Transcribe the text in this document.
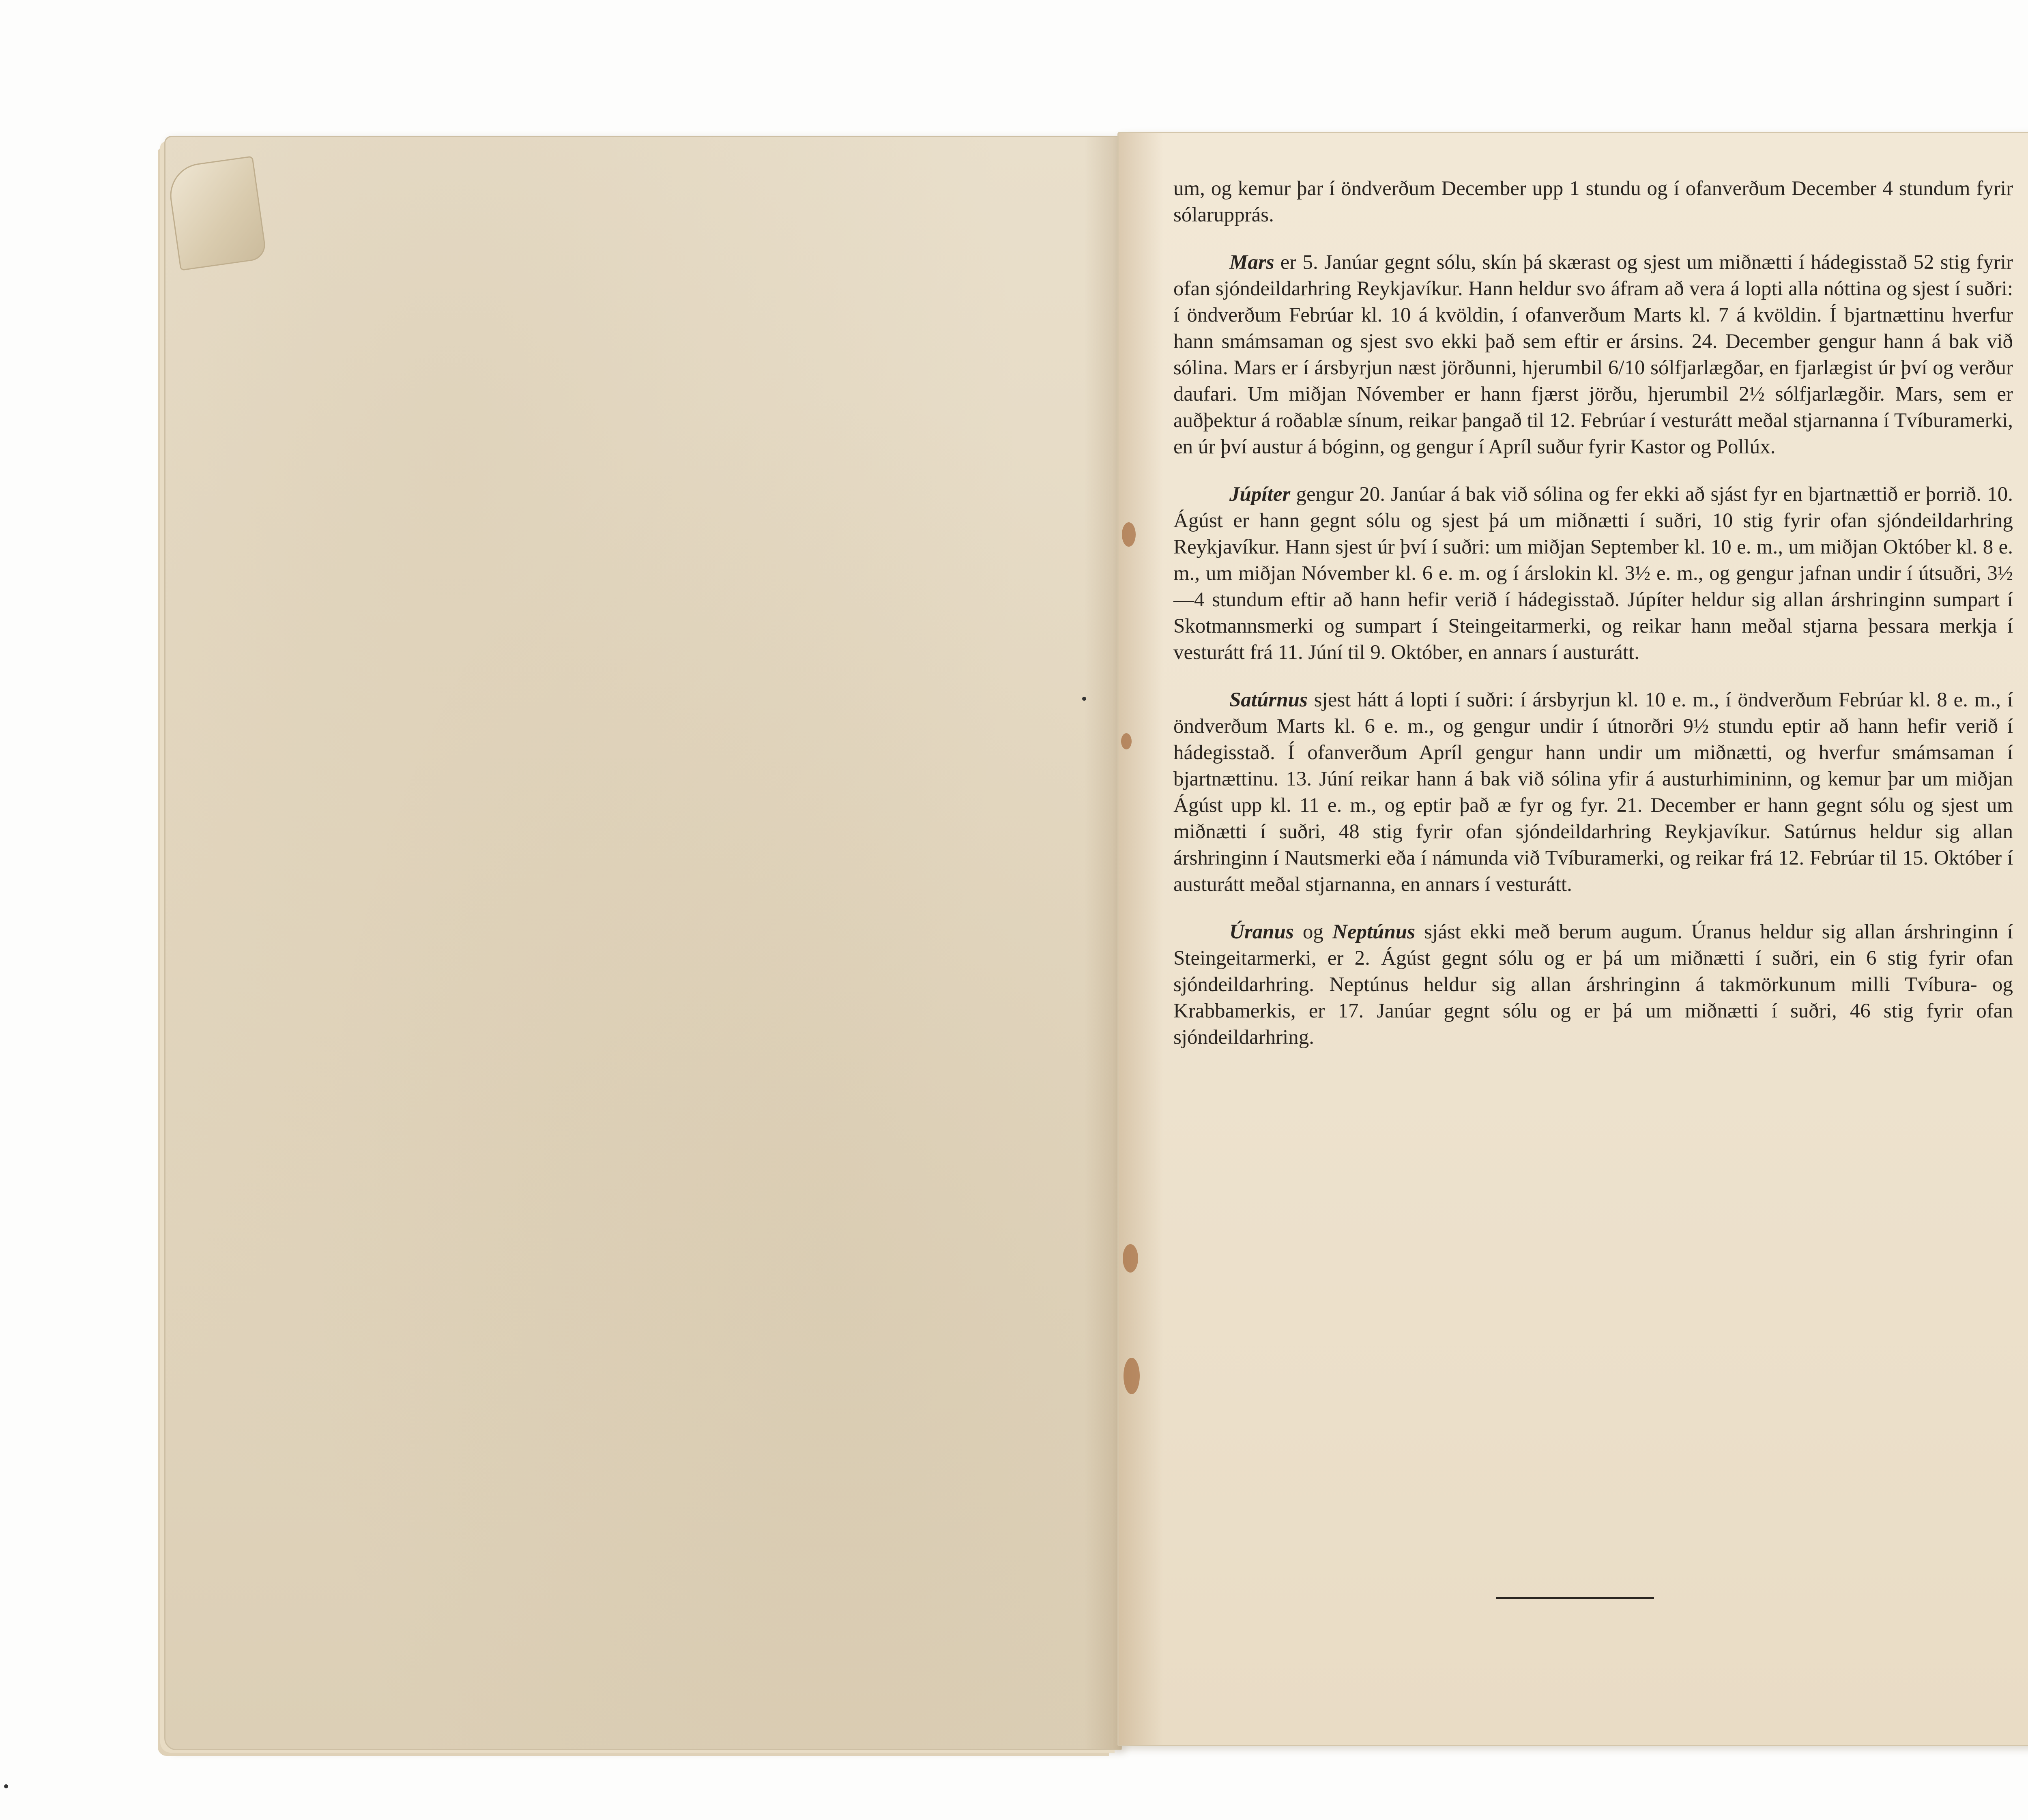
um, og kemur þar í öndverðum December upp 1 stundu og í ofanverðum December 4 stundum fyrir sólarupprás.

Mars er 5. Janúar gegnt sólu, skín þá skærast og sjest um miðnætti í hádegisstað 52 stig fyrir ofan sjóndeildarhring Reykjavíkur. Hann heldur svo áfram að vera á lopti alla nóttina og sjest í suðri: í öndverðum Febrúar kl. 10 á kvöldin, í ofanverðum Marts kl. 7 á kvöldin. Í bjartnættinu hverfur hann smámsaman og sjest svo ekki það sem eftir er ársins. 24. December gengur hann á bak við sólina. Mars er í ársbyrjun næst jörðunni, hjerumbil 6/10 sólfjarlægðar, en fjarlægist úr því og verður daufari. Um miðjan Nóvember er hann fjærst jörðu, hjerumbil 2½ sólfjarlægðir. Mars, sem er auðþektur á roðablæ sínum, reikar þangað til 12. Febrúar í vesturátt meðal stjarnanna í Tvíburamerki, en úr því austur á bóginn, og gengur í Apríl suður fyrir Kastor og Pollúx.

Júpíter gengur 20. Janúar á bak við sólina og fer ekki að sjást fyr en bjartnættið er þorrið. 10. Ágúst er hann gegnt sólu og sjest þá um miðnætti í suðri, 10 stig fyrir ofan sjóndeildarhring Reykjavíkur. Hann sjest úr því í suðri: um miðjan September kl. 10 e. m., um miðjan Október kl. 8 e. m., um miðjan Nóvember kl. 6 e. m. og í árslokin kl. 3½ e. m., og gengur jafnan undir í útsuðri, 3½—4 stundum eftir að hann hefir verið í hádegisstað. Júpíter heldur sig allan árshringinn sumpart í Skotmannsmerki og sumpart í Steingeitarmerki, og reikar hann meðal stjarna þessara merkja í vesturátt frá 11. Júní til 9. Október, en annars í austurátt.

Satúrnus sjest hátt á lopti í suðri: í ársbyrjun kl. 10 e. m., í öndverðum Febrúar kl. 8 e. m., í öndverðum Marts kl. 6 e. m., og gengur undir í útnorðri 9½ stundu eptir að hann hefir verið í hádegisstað. Í ofanverðum Apríl gengur hann undir um miðnætti, og hverfur smámsaman í bjartnættinu. 13. Júní reikar hann á bak við sólina yfir á austurhimininn, og kemur þar um miðjan Ágúst upp kl. 11 e. m., og eptir það æ fyr og fyr. 21. December er hann gegnt sólu og sjest um miðnætti í suðri, 48 stig fyrir ofan sjóndeildarhring Reykjavíkur. Satúrnus heldur sig allan árshringinn í Nautsmerki eða í námunda við Tvíburamerki, og reikar frá 12. Febrúar til 15. Október í austurátt meðal stjarnanna, en annars í vesturátt.

Úranus og Neptúnus sjást ekki með berum augum. Úranus heldur sig allan árshringinn í Steingeitarmerki, er 2. Ágúst gegnt sólu og er þá um miðnætti í suðri, ein 6 stig fyrir ofan sjóndeildarhring. Neptúnus heldur sig allan árshringinn á takmörkunum milli Tvíbura- og Krabbamerkis, er 17. Janúar gegnt sólu og er þá um miðnætti í suðri, 46 stig fyrir ofan sjóndeildarhring.
